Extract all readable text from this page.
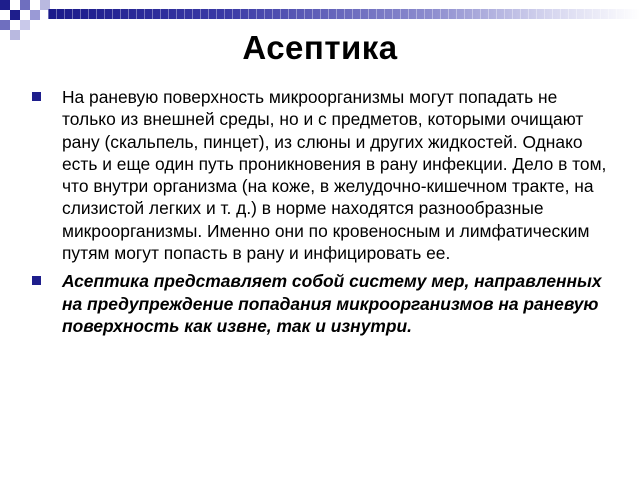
Асептика
На раневую поверхность микроорганизмы могут попадать не только из внешней среды, но и с предметов, которыми очищают рану (скальпель, пинцет), из слюны и других жидкостей. Однако есть и еще один путь проникновения в рану инфекции. Дело в том, что внутри организма (на коже, в желудочно-кишечном тракте, на слизистой легких и т. д.) в норме находятся разнообразные микроорганизмы. Именно они по кровеносным и лимфатическим путям могут попасть в рану и инфицировать ее.
Асептика представляет собой систему мер, направленных на предупреждение попадания микроорганизмов на раневую поверхность как извне, так и изнутри.
